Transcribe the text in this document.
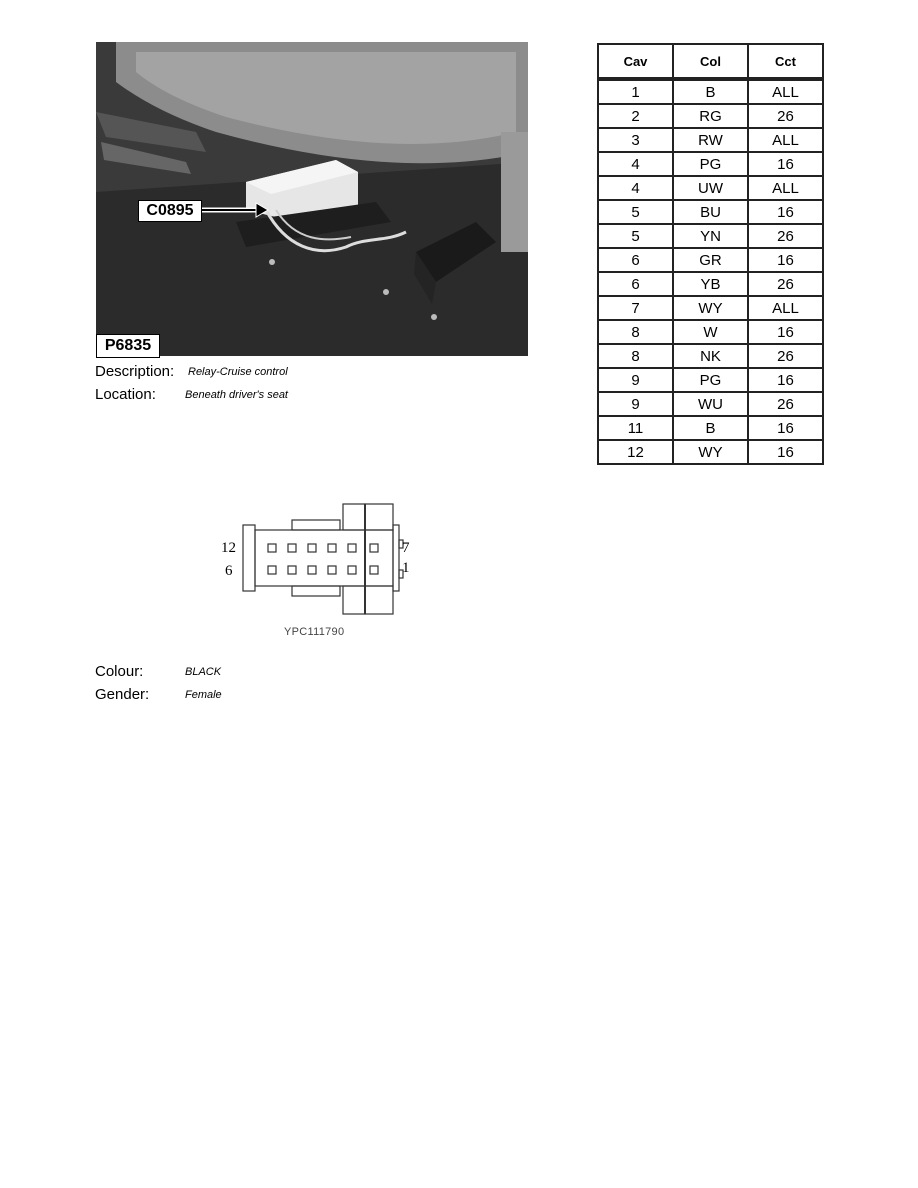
C0895
P6835
Description: Relay-Cruise control
Location:	Beneath driver's seat
12
6
7
1
YPC111790
Colour:	BLACK
Gender:	Female
Cav	Col	Cct
1	B	ALL
2	RG	26
3	RW	ALL
4	PG	16
4	UW	ALL
5	BU	16
5	YN	26
6	GR	16
6	YB	26
7	WY	ALL
8	W	16
8	NK	26
9	PG	16
9	WU	26
11	B	16
12	WY	16
